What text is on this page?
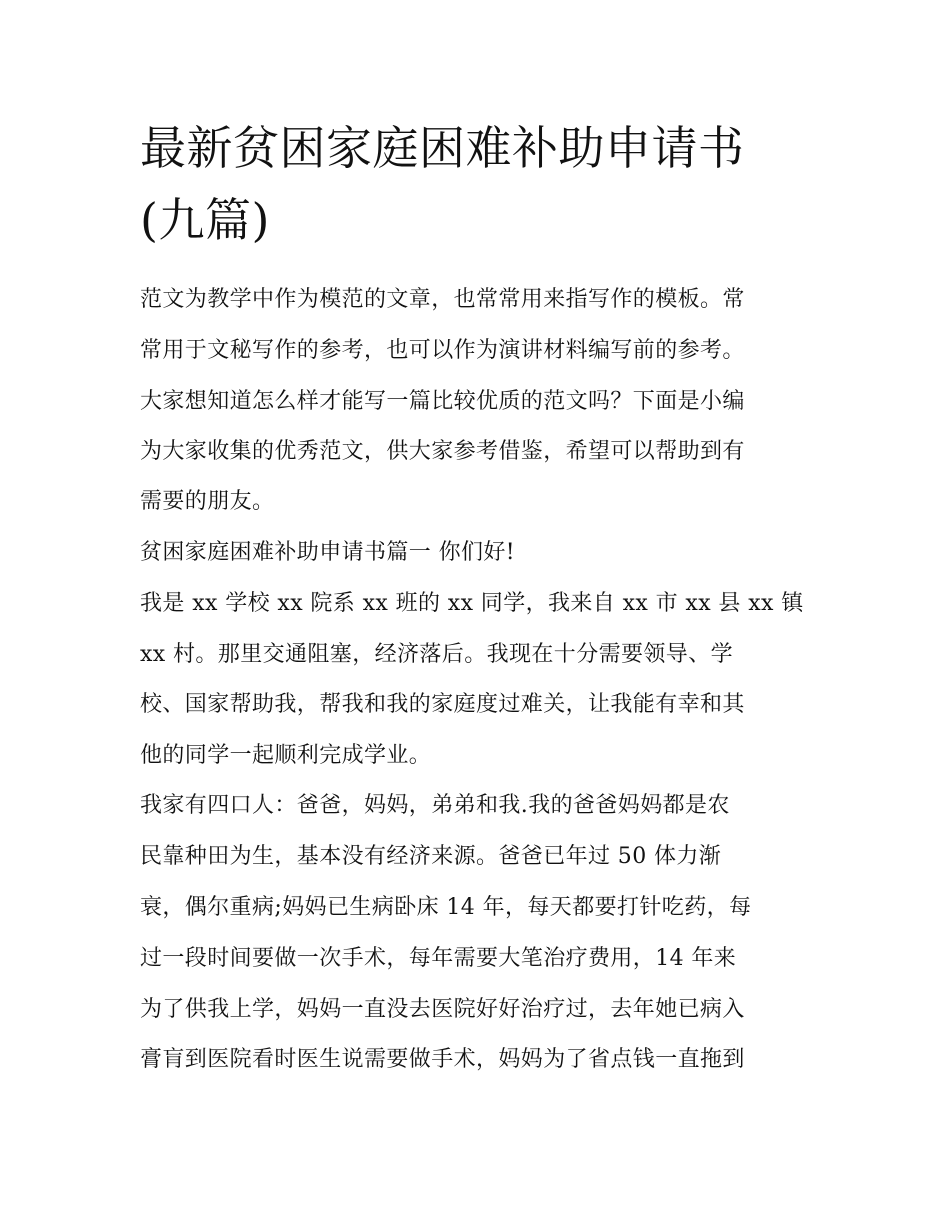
最新贫困家庭困难补助申请书
(九篇)
范文为教学中作为模范的文章，也常常用来指写作的模板。常
常用于文秘写作的参考，也可以作为演讲材料编写前的参考。
大家想知道怎么样才能写一篇比较优质的范文吗？下面是小编
为大家收集的优秀范文，供大家参考借鉴，希望可以帮助到有
需要的朋友。
贫困家庭困难补助申请书篇一 你们好!
我是 xx 学校 xx 院系 xx 班的 xx 同学，我来自 xx 市 xx 县 xx 镇
xx 村。那里交通阻塞，经济落后。我现在十分需要领导、学
校、国家帮助我，帮我和我的家庭度过难关，让我能有幸和其
他的同学一起顺利完成学业。
我家有四口人：爸爸，妈妈，弟弟和我.我的爸爸妈妈都是农
民靠种田为生，基本没有经济来源。爸爸已年过 50 体力渐
衰，偶尔重病;妈妈已生病卧床 14 年，每天都要打针吃药，每
过一段时间要做一次手术，每年需要大笔治疗费用，14 年来
为了供我上学，妈妈一直没去医院好好治疗过，去年她已病入
膏肓到医院看时医生说需要做手术，妈妈为了省点钱一直拖到
